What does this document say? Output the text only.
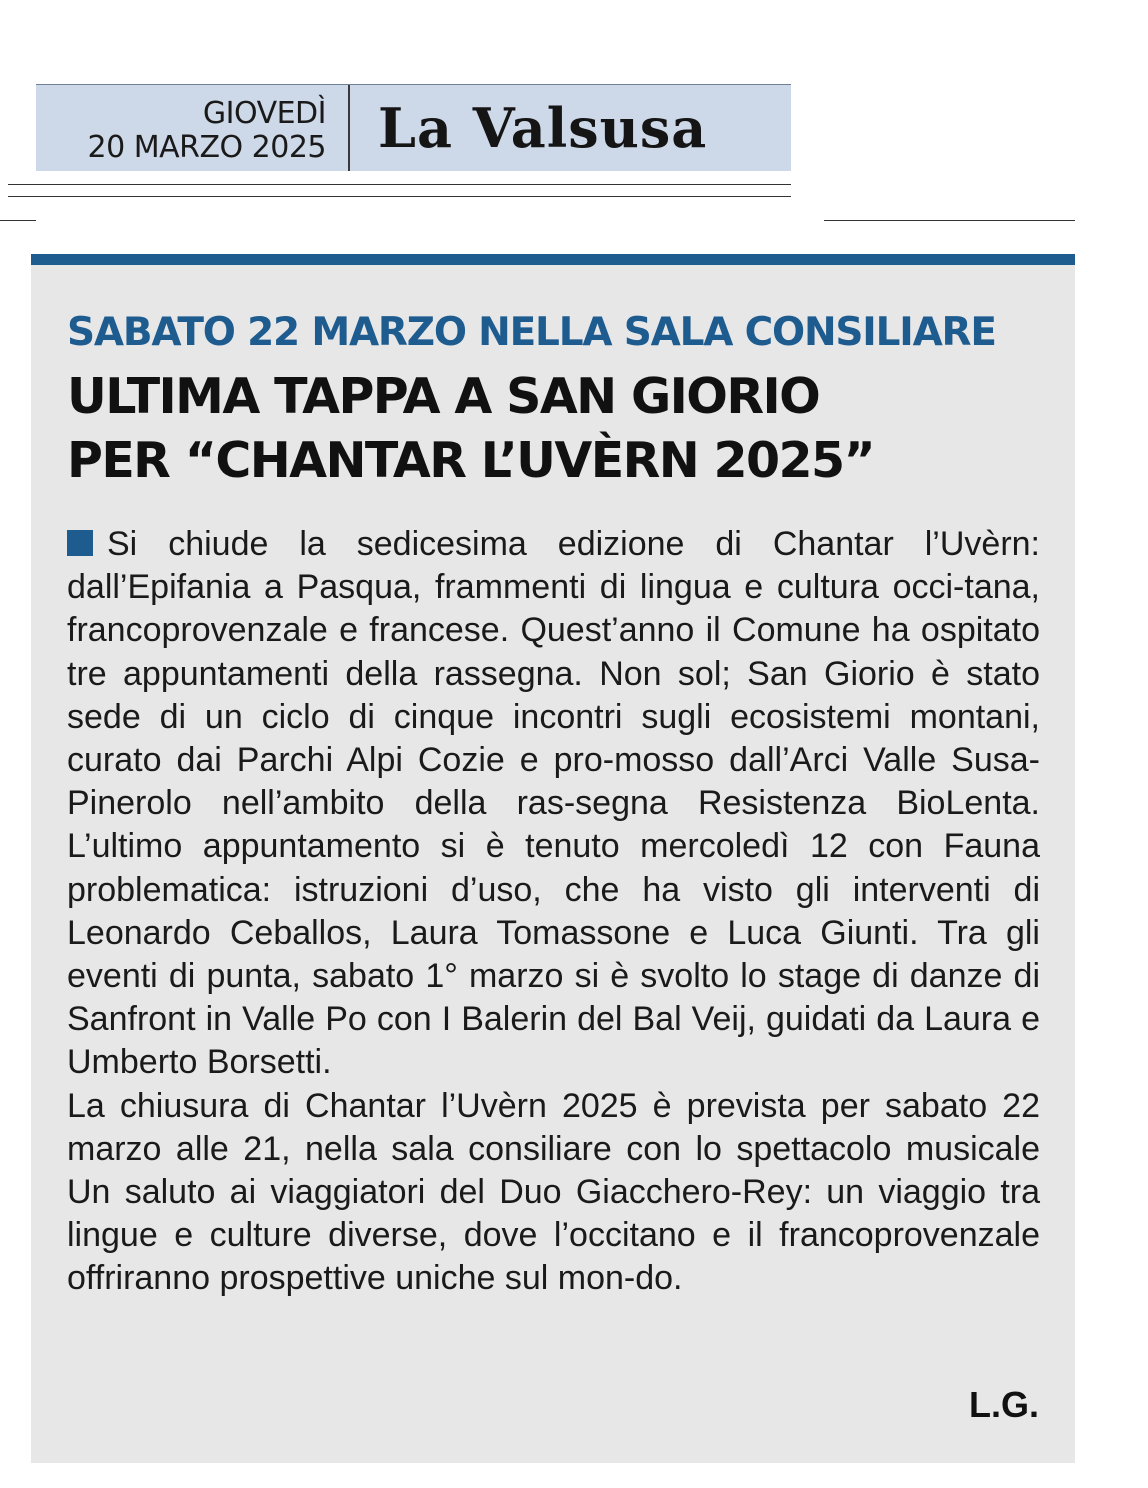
GIOVEDÌ
20 MARZO 2025 La Valsusa
SABATO 22 MARZO NELLA SALA CONSILIARE
ULTIMA TAPPA A SAN GIORIO
PER “CHANTAR L’UVÈRN 2025”

Si chiude la sedicesima edizione di Chantar l’Uvèrn: dall’Epifania a Pasqua, frammenti di lingua e cultura occi-tana, francoprovenzale e francese. Quest’anno il Comune ha ospitato tre appuntamenti della rassegna. Non sol; San Giorio è stato sede di un ciclo di cinque incontri sugli ecosistemi montani, curato dai Parchi Alpi Cozie e pro-mosso dall’Arci Valle Susa-Pinerolo nell’ambito della ras-segna Resistenza BioLenta. L’ultimo appuntamento si è tenuto mercoledì 12 con Fauna problematica: istruzioni d’uso, che ha visto gli interventi di Leonardo Ceballos, Laura Tomassone e Luca Giunti. Tra gli eventi di punta, sabato 1° marzo si è svolto lo stage di danze di Sanfront in Valle Po con I Balerin del Bal Veij, guidati da Laura e Umberto Borsetti.

La chiusura di Chantar l’Uvèrn 2025 è prevista per sabato 22 marzo alle 21, nella sala consiliare con lo spettacolo musicale Un saluto ai viaggiatori del Duo Giacchero-Rey: un viaggio tra lingue e culture diverse, dove l’occitano e il francoprovenzale offriranno prospettive uniche sul mon-do.

L.G.
